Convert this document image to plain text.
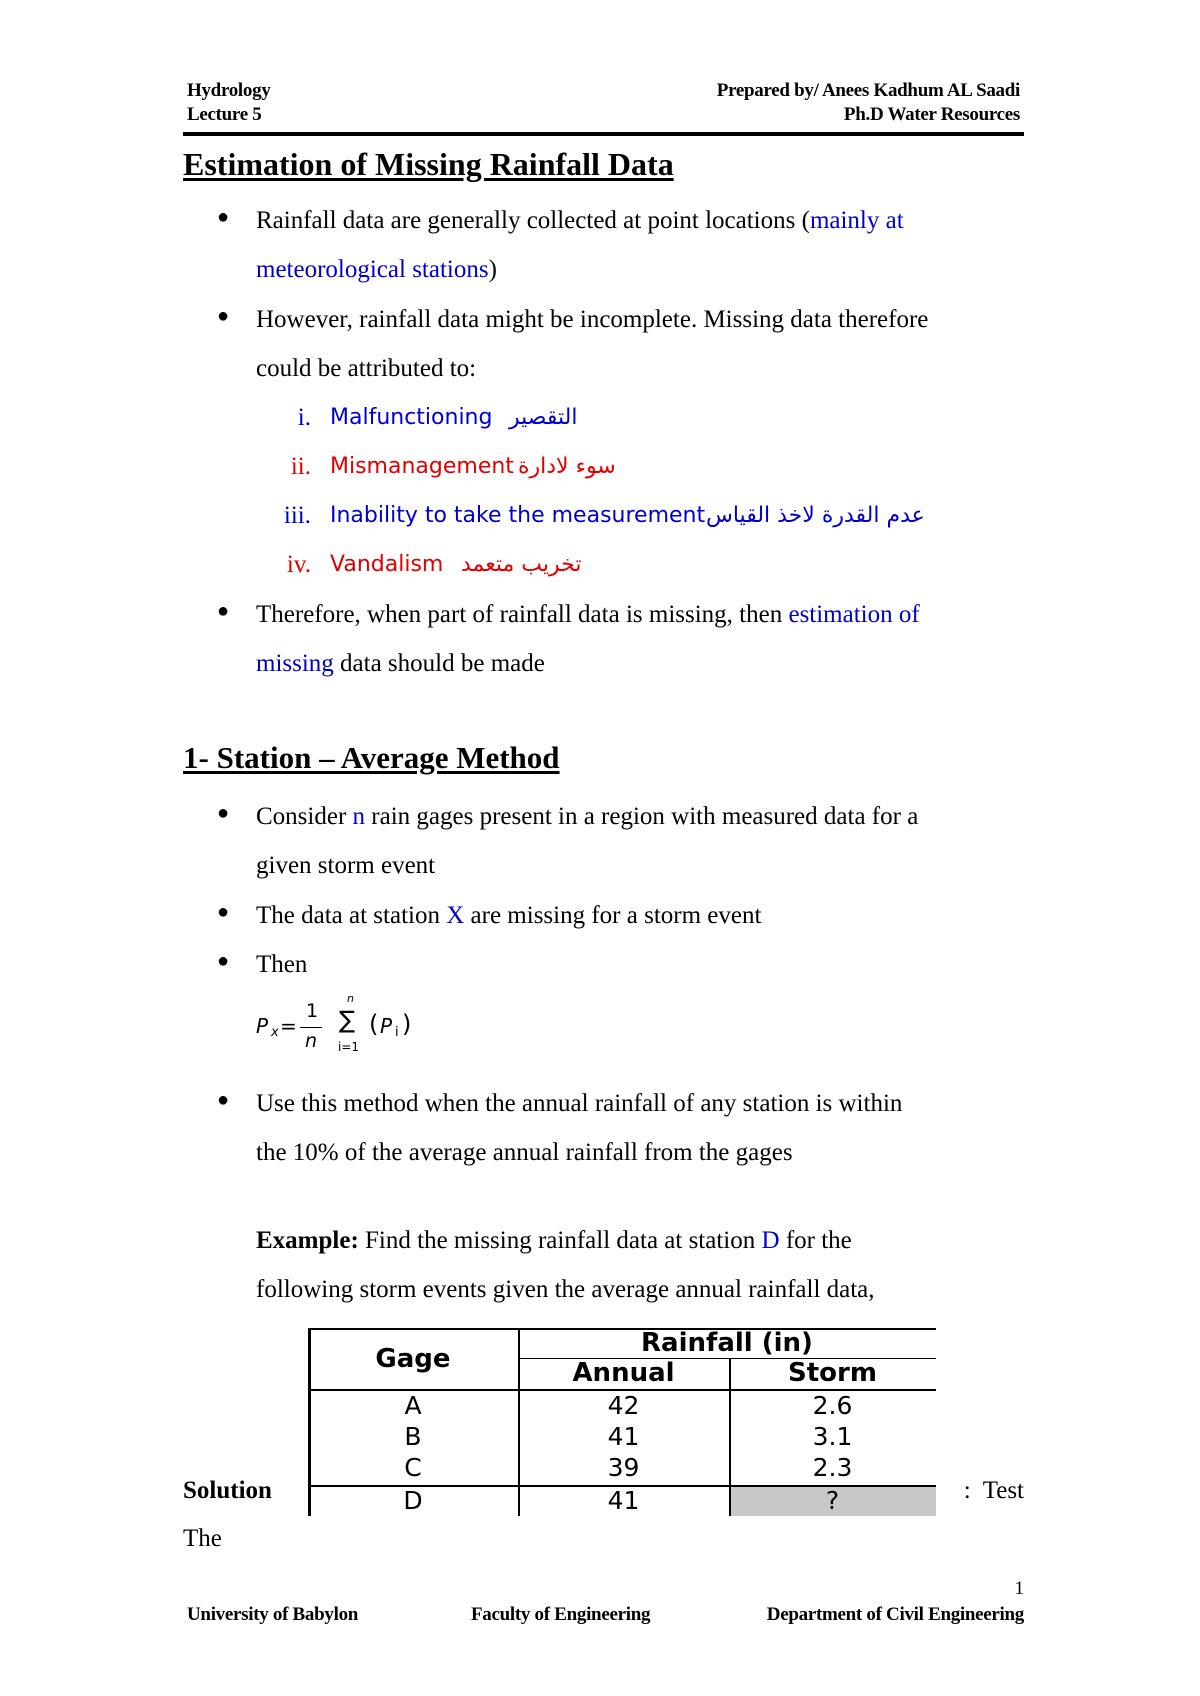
Hydrology
Lecture 5
Prepared by/ Anees Kadhum AL Saadi
Ph.D Water Resources
Estimation of Missing Rainfall Data
● Rainfall data are generally collected at point locations (mainly at
meteorological stations)
● However, rainfall data might be incomplete. Missing data therefore
could be attributed to:
i. Malfunctioning التقصير
ii. Mismanagement سوء لادارة
iii. Inability to take the measurement عدم القدرة لاخذ القياس
iv. Vandalism تخريب متعمد
● Therefore, when part of rainfall data is missing, then estimation of
missing data should be made
1- Station – Average Method
● Consider n rain gages present in a region with measured data for a
given storm event
● The data at station X are missing for a storm event
● Then
P x =
1
n
n
∑
i=1
( P i )
● Use this method when the annual rainfall of any station is within
the 10% of the average annual rainfall from the gages
Example: Find the missing rainfall data at station D for the
following storm events given the average annual rainfall data,
Gage
Rainfall (in)
Annual	Storm
A	42	2.6
B	41	3.1
C	39	2.3
D	41	?
Solution	:  Test
The
1
University of Babylon	Faculty of Engineering	Department of Civil Engineering
